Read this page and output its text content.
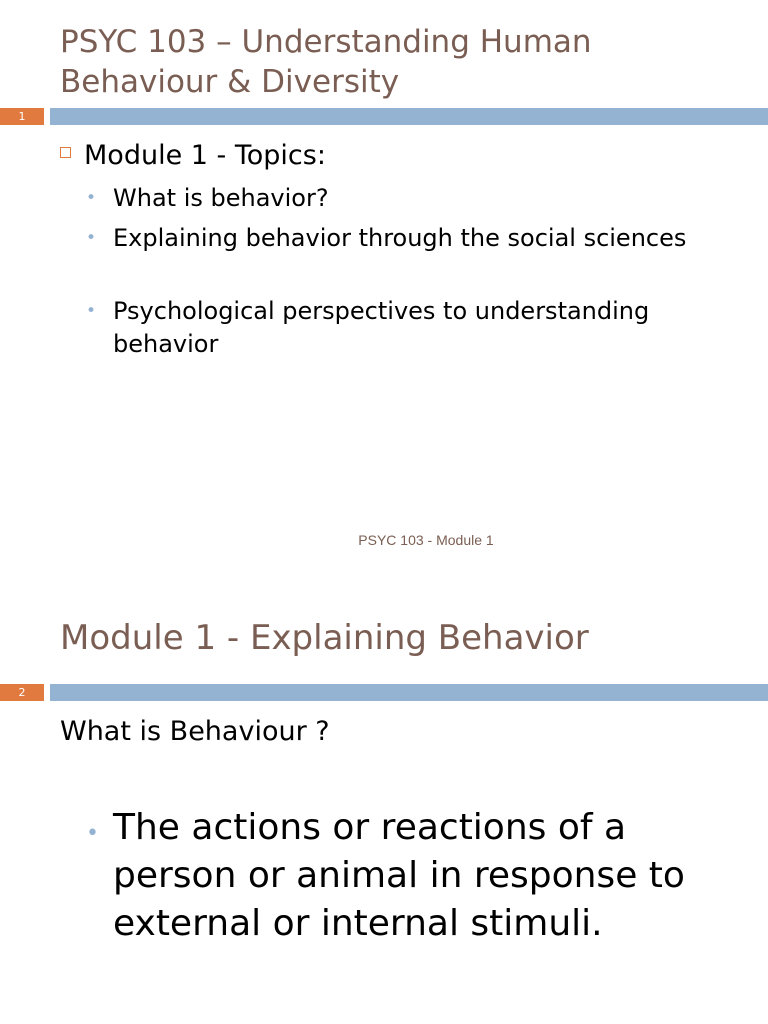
PSYC 103 – Understanding Human Behaviour & Diversity
1
Module 1 - Topics:
• What is behavior?
• Explaining behavior through the social sciences
• Psychological perspectives to understanding behavior
PSYC 103 - Module 1
Module 1 - Explaining Behavior
2
What is Behaviour ?
• The actions or reactions of a person or animal in response to external or internal stimuli.
